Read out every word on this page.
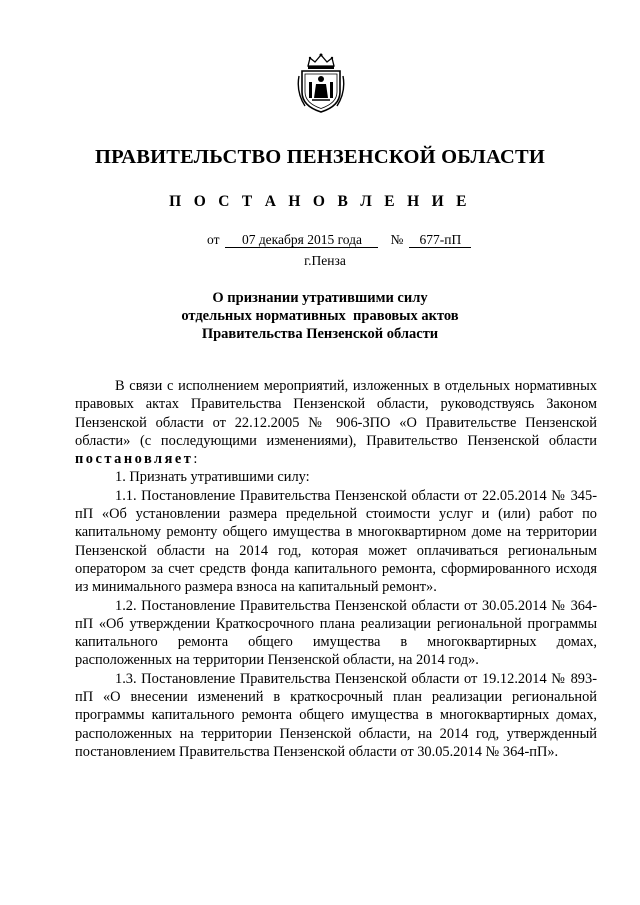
ПРАВИТЕЛЬСТВО ПЕНЗЕНСКОЙ ОБЛАСТИ
П О С Т А Н О В Л Е Н И Е
от 07 декабря 2015 года № 677-пП
г.Пенза
О признании утратившими силу
отдельных нормативных  правовых актов
Правительства Пензенской области

В связи с исполнением мероприятий, изложенных в отдельных нормативных правовых актах Правительства Пензенской области, руководствуясь Законом Пензенской области от 22.12.2005 № 906-ЗПО «О Правительстве Пензенской области» (с последующими изменениями), Правительство Пензенской области постановляет:

1. Признать утратившими силу:

1.1. Постановление Правительства Пензенской области от 22.05.2014 № 345-пП «Об установлении размера предельной стоимости услуг и (или) работ по капитальному ремонту общего имущества в многоквартирном доме на территории Пензенской области на 2014 год, которая может оплачиваться региональным оператором за счет средств фонда капитального ремонта, сформированного исходя из минимального размера взноса на капитальный ремонт».

1.2. Постановление Правительства Пензенской области от 30.05.2014 № 364-пП «Об утверждении Краткосрочного плана реализации региональной программы капитального ремонта общего имущества в многоквартирных домах, расположенных на территории Пензенской области, на 2014 год».

1.3. Постановление Правительства Пензенской области от 19.12.2014 № 893-пП «О внесении изменений в краткосрочный план реализации региональной программы капитального ремонта общего имущества в многоквартирных домах, расположенных на территории Пензенской области, на 2014 год, утвержденный постановлением Правительства Пензенской области от 30.05.2014 № 364-пП».
